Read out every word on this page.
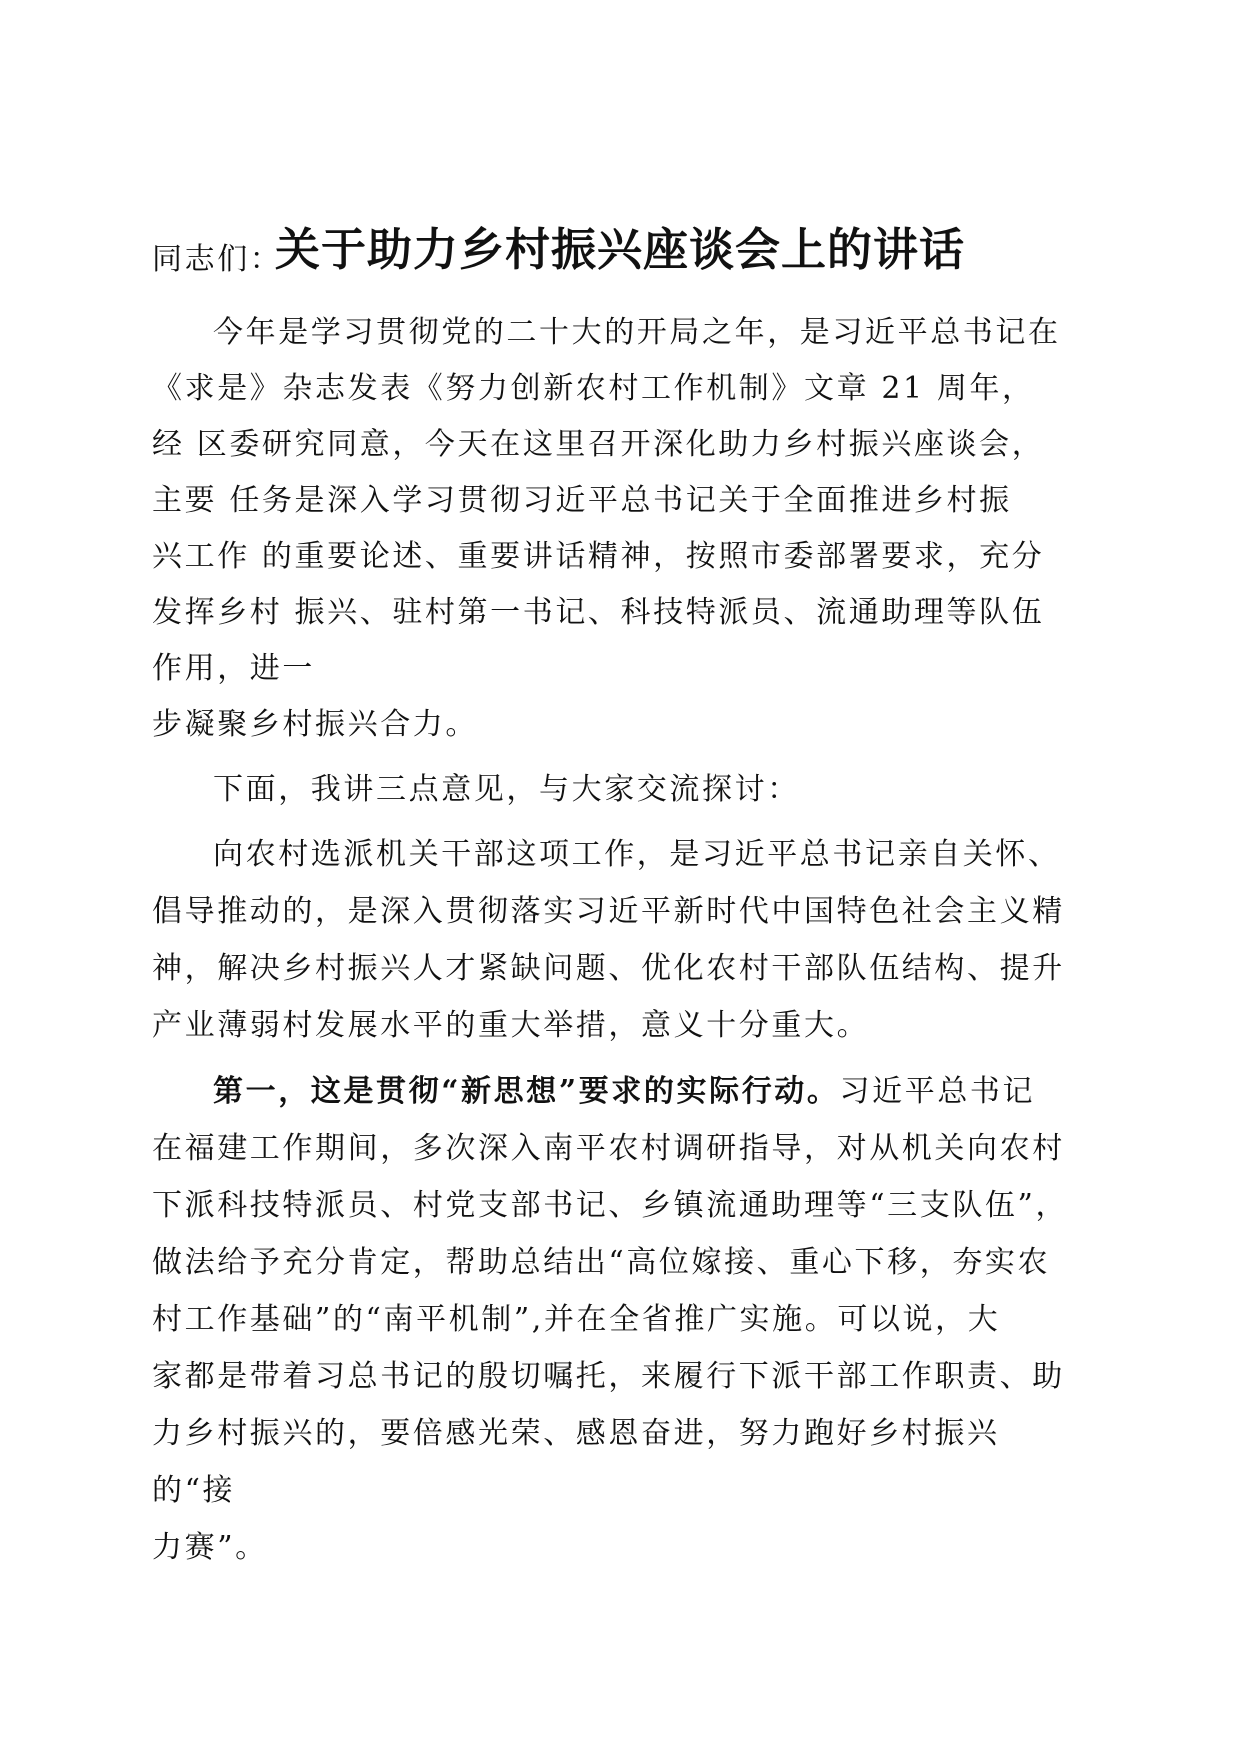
关于助力乡村振兴座谈会上的讲话
同志们：
今年是学习贯彻党的二十大的开局之年，是习近平总书记在
《求是》杂志发表《努力创新农村工作机制》文章 21 周年，
经 区委研究同意，今天在这里召开深化助力乡村振兴座谈会，
主要 任务是深入学习贯彻习近平总书记关于全面推进乡村振
兴工作 的重要论述、重要讲话精神，按照市委部署要求，充分
发挥乡村 振兴、驻村第一书记、科技特派员、流通助理等队伍
作用，进一
步凝聚乡村振兴合力。
下面，我讲三点意见，与大家交流探讨：
向农村选派机关干部这项工作，是习近平总书记亲自关怀、
倡导推动的，是深入贯彻落实习近平新时代中国特色社会主义精
神，解决乡村振兴人才紧缺问题、优化农村干部队伍结构、提升
产业薄弱村发展水平的重大举措，意义十分重大。
第一，这是贯彻“新思想”要求的实际行动。习近平总书记
在福建工作期间，多次深入南平农村调研指导，对从机关向农村
下派科技特派员、村党支部书记、乡镇流通助理等“三支队伍”，
做法给予充分肯定，帮助总结出“高位嫁接、重心下移，夯实农
村工作基础”的“南平机制”,并在全省推广实施。可以说，大
家都是带着习总书记的殷切嘱托，来履行下派干部工作职责、助
力乡村振兴的，要倍感光荣、感恩奋进，努力跑好乡村振兴
的“接
力赛”。
